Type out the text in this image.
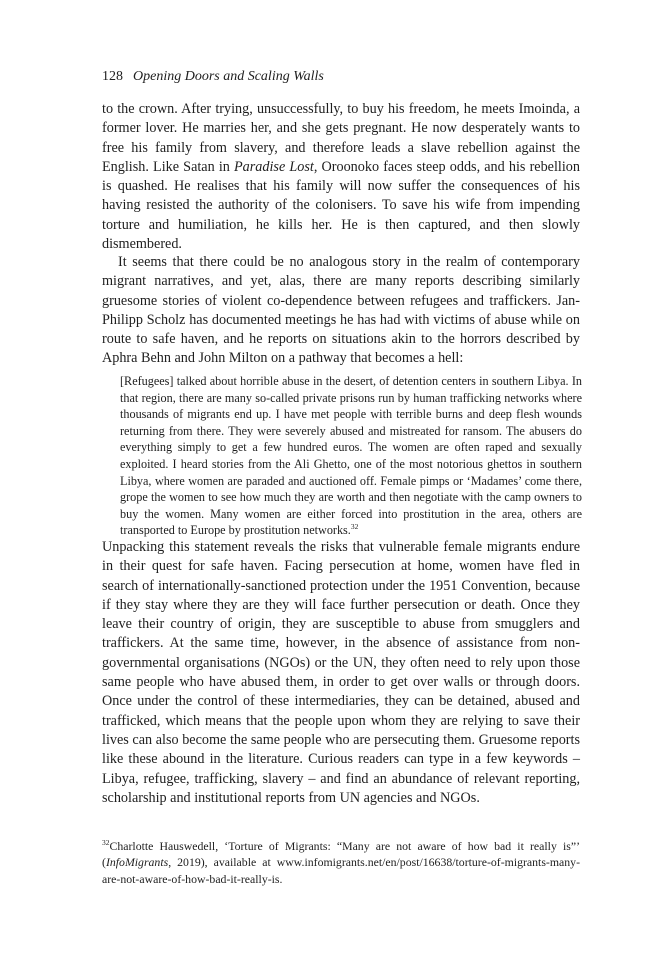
128 Opening Doors and Scaling Walls

to the crown. After trying, unsuccessfully, to buy his freedom, he meets Imoinda, a former lover. He marries her, and she gets pregnant. He now desperately wants to free his family from slavery, and therefore leads a slave rebellion against the English. Like Satan in Paradise Lost, Oroonoko faces steep odds, and his rebellion is quashed. He realises that his family will now suffer the consequences of his having resisted the authority of the colonisers. To save his wife from impending torture and humiliation, he kills her. He is then captured, and then slowly dismembered.

It seems that there could be no analogous story in the realm of contemporary migrant narratives, and yet, alas, there are many reports describing similarly gruesome stories of violent co-dependence between refugees and traffickers. Jan-Philipp Scholz has documented meetings he has had with victims of abuse while on route to safe haven, and he reports on situations akin to the horrors described by Aphra Behn and John Milton on a pathway that becomes a hell:

[Refugees] talked about horrible abuse in the desert, of detention centers in southern Libya. In that region, there are many so-called private prisons run by human trafficking networks where thousands of migrants end up. I have met people with terrible burns and deep flesh wounds returning from there. They were severely abused and mistreated for ransom. The abusers do everything simply to get a few hundred euros. The women are often raped and sexually exploited. I heard stories from the Ali Ghetto, one of the most notorious ghettos in southern Libya, where women are paraded and auctioned off. Female pimps or ‘Madames’ come there, grope the women to see how much they are worth and then negotiate with the camp owners to buy the women. Many women are either forced into prostitution in the area, others are transported to Europe by prostitution networks.$^{32}$

Unpacking this statement reveals the risks that vulnerable female migrants endure in their quest for safe haven. Facing persecution at home, women have fled in search of internationally-sanctioned protection under the 1951 Convention, because if they stay where they are they will face further persecution or death. Once they leave their country of origin, they are susceptible to abuse from smugglers and traffickers. At the same time, however, in the absence of assistance from non-governmental organisations (NGOs) or the UN, they often need to rely upon those same people who have abused them, in order to get over walls or through doors. Once under the control of these intermediaries, they can be detained, abused and trafficked, which means that the people upon whom they are relying to save their lives can also become the same people who are persecuting them. Gruesome reports like these abound in the literature. Curious readers can type in a few keywords – Libya, refugee, trafficking, slavery – and find an abundance of relevant reporting, scholarship and institutional reports from UN agencies and NGOs.

$^{32}$Charlotte Hauswedell, ‘Torture of Migrants: “Many are not aware of how bad it really is”’ (InfoMigrants, 2019), available at www.infomigrants.net/en/post/16638/torture-of-migrants-many-are-not-aware-of-how-bad-it-really-is.
